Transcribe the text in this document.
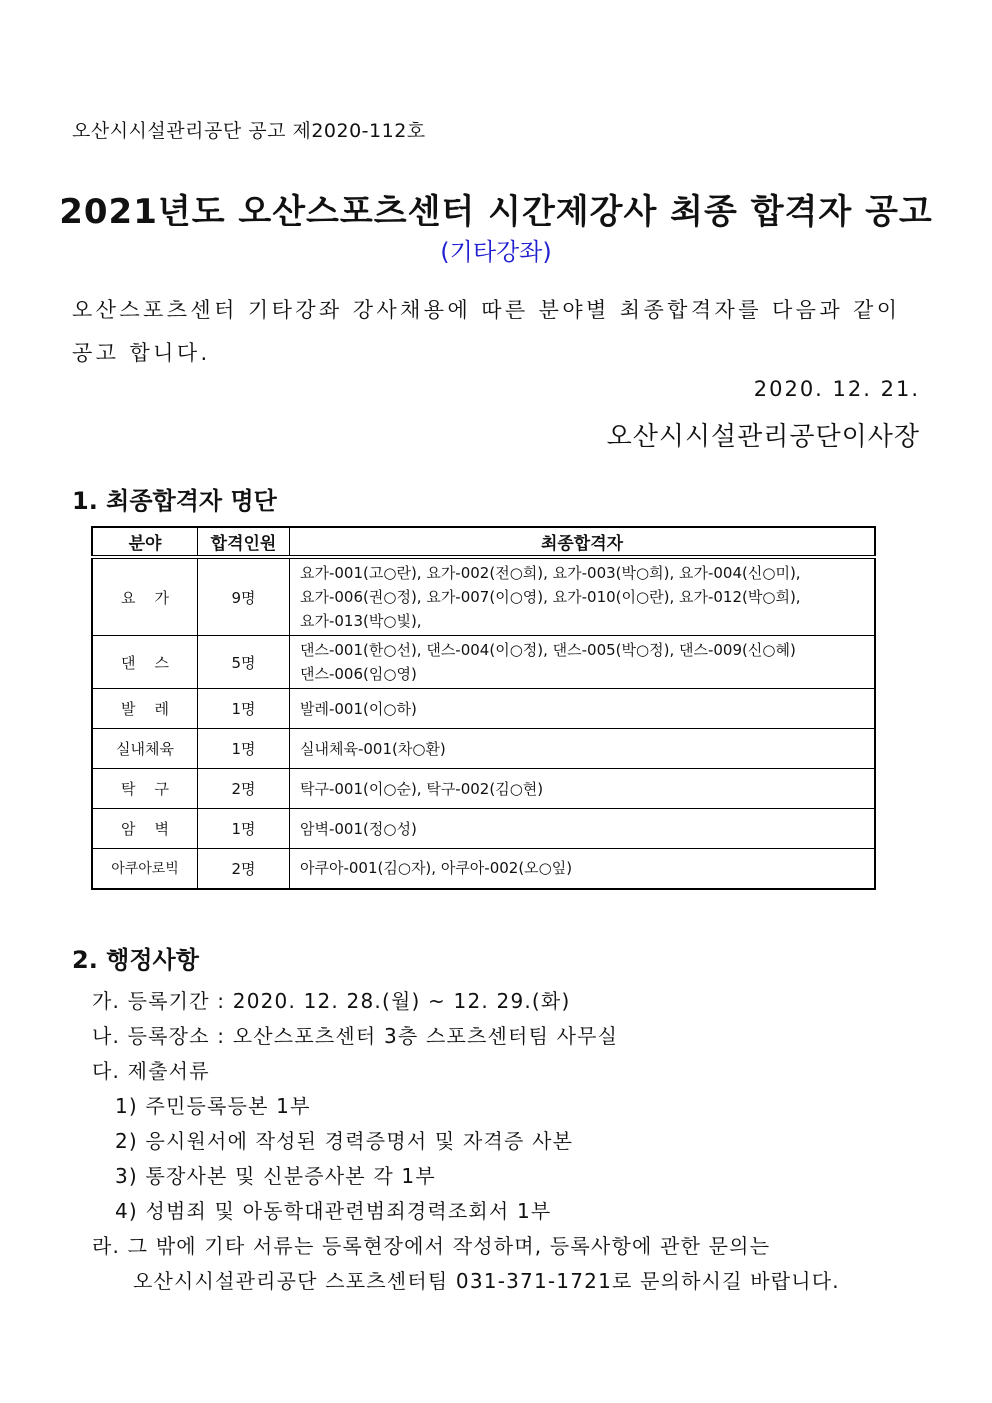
오산시시설관리공단 공고 제2020-112호
2021년도 오산스포츠센터 시간제강사 최종 합격자 공고
(기타강좌)
오산스포츠센터 기타강좌 강사채용에 따른 분야별 최종합격자를 다음과 같이
공고 합니다.
2020. 12. 21.
오산시시설관리공단이사장
1. 최종합격자 명단
분야	합격인원	최종합격자
요    가	9명	요가-001(고○란), 요가-002(전○희), 요가-003(박○희), 요가-004(신○미),
요가-006(권○정), 요가-007(이○영), 요가-010(이○란), 요가-012(박○희),
요가-013(박○빛),

댄    스	5명	댄스-001(한○선), 댄스-004(이○정), 댄스-005(박○정), 댄스-009(신○혜)
댄스-006(임○영)

발    레	1명	발레-001(이○하)

실내체육	1명	실내체육-001(차○환)

탁    구	2명	탁구-001(이○순), 탁구-002(김○현)

암    벽	1명	암벽-001(정○성)

아쿠아로빅	2명	아쿠아-001(김○자), 아쿠아-002(오○잎)
2. 행정사항
가. 등록기간 : 2020. 12. 28.(월) ~ 12. 29.(화)
나. 등록장소 : 오산스포츠센터 3층 스포츠센터팀 사무실
다. 제출서류
1) 주민등록등본 1부
2) 응시원서에 작성된 경력증명서 및 자격증 사본
3) 통장사본 및 신분증사본 각 1부
4) 성범죄 및 아동학대관련범죄경력조회서 1부
라. 그 밖에 기타 서류는 등록현장에서 작성하며, 등록사항에 관한 문의는
오산시시설관리공단 스포츠센터팀 031-371-1721로 문의하시길 바랍니다.
